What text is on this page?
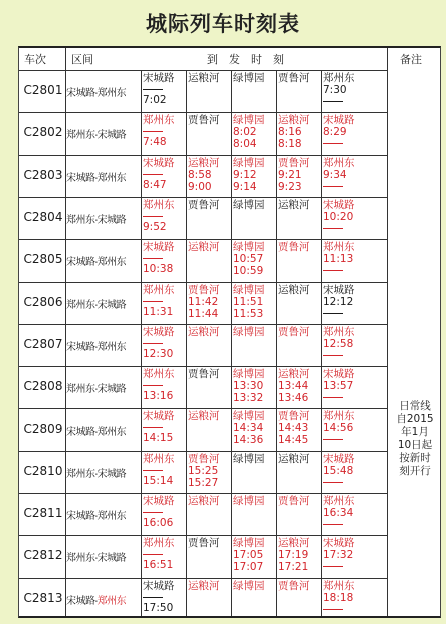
城际列车时刻表
车次 区间	到　发　时　刻	备注
日常线
自2015
年1月
10日起
按新时
刻开行
C2801 宋城路-郑州东
宋城路
7:02
运粮河 绿博园 贾鲁河 郑州东
7:30
C2802 郑州东-宋城路
郑州东
7:48
贾鲁河 绿博园
8:02
8:04
运粮河
8:16
8:18
宋城路
8:29
C2803 宋城路-郑州东
宋城路
8:47
运粮河
8:58
9:00
绿博园
9:12
9:14
贾鲁河
9:21
9:23
郑州东
9:34
C2804 郑州东-宋城路
郑州东
9:52
贾鲁河 绿博园 运粮河 宋城路
10:20
C2805 宋城路-郑州东
宋城路
10:38
运粮河 绿博园
10:57
10:59
贾鲁河 郑州东
11:13
C2806 郑州东-宋城路
郑州东
11:31
贾鲁河
11:42
11:44
绿博园
11:51
11:53
运粮河 宋城路
12:12
C2807 宋城路-郑州东
宋城路
12:30
运粮河 绿博园 贾鲁河 郑州东
12:58
C2808 郑州东-宋城路
郑州东
13:16
贾鲁河 绿博园
13:30
13:32
运粮河
13:44
13:46
宋城路
13:57
C2809 宋城路-郑州东
宋城路
14:15
运粮河 绿博园
14:34
14:36
贾鲁河
14:43
14:45
郑州东
14:56
C2810 郑州东-宋城路
郑州东
15:14
贾鲁河
15:25
15:27
绿博园 运粮河 宋城路
15:48
C2811 宋城路-郑州东
宋城路
16:06
运粮河 绿博园 贾鲁河 郑州东
16:34
C2812 郑州东-宋城路
郑州东
16:51
贾鲁河 绿博园
17:05
17:07
运粮河
17:19
17:21
宋城路
17:32
C2813 宋城路-郑州东
宋城路
17:50
运粮河 绿博园 贾鲁河 郑州东
18:18
